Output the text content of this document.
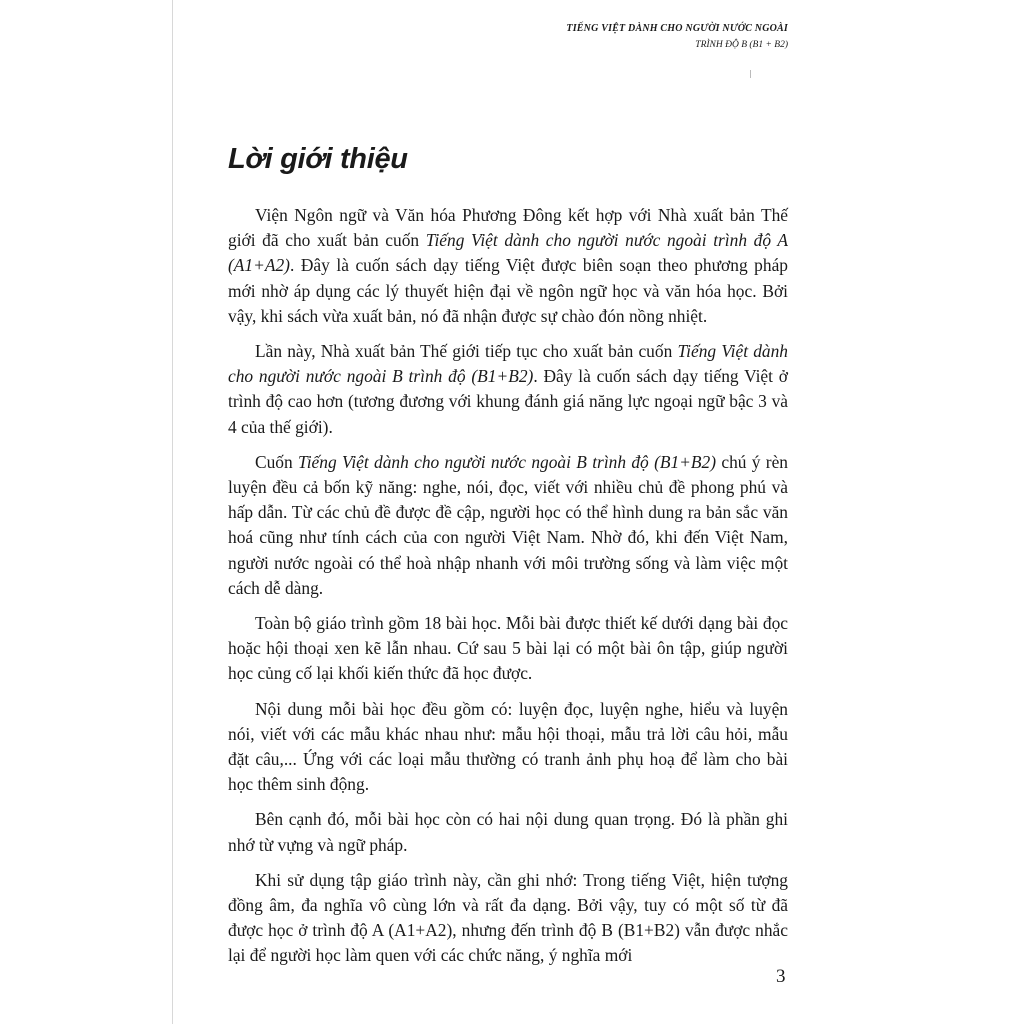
TIẾNG VIỆT DÀNH CHO NGƯỜI NƯỚC NGOÀI
TRÌNH ĐỘ B (B1 + B2)
Lời giới thiệu

Viện Ngôn ngữ và Văn hóa Phương Đông kết hợp với Nhà xuất bản Thế giới đã cho xuất bản cuốn Tiếng Việt dành cho người nước ngoài trình độ A (A1+A2). Đây là cuốn sách dạy tiếng Việt được biên soạn theo phương pháp mới nhờ áp dụng các lý thuyết hiện đại về ngôn ngữ học và văn hóa học. Bởi vậy, khi sách vừa xuất bản, nó đã nhận được sự chào đón nồng nhiệt.

Lần này, Nhà xuất bản Thế giới tiếp tục cho xuất bản cuốn Tiếng Việt dành cho người nước ngoài B trình độ (B1+B2). Đây là cuốn sách dạy tiếng Việt ở trình độ cao hơn (tương đương với khung đánh giá năng lực ngoại ngữ bậc 3 và 4 của thế giới).

Cuốn Tiếng Việt dành cho người nước ngoài B trình độ (B1+B2) chú ý rèn luyện đều cả bốn kỹ năng: nghe, nói, đọc, viết với nhiều chủ đề phong phú và hấp dẫn. Từ các chủ đề được đề cập, người học có thể hình dung ra bản sắc văn hoá cũng như tính cách của con người Việt Nam. Nhờ đó, khi đến Việt Nam, người nước ngoài có thể hoà nhập nhanh với môi trường sống và làm việc một cách dễ dàng.

Toàn bộ giáo trình gồm 18 bài học. Mỗi bài được thiết kế dưới dạng bài đọc hoặc hội thoại xen kẽ lẫn nhau. Cứ sau 5 bài lại có một bài ôn tập, giúp người học củng cố lại khối kiến thức đã học được.

Nội dung mỗi bài học đều gồm có: luyện đọc, luyện nghe, hiểu và luyện nói, viết với các mẫu khác nhau như: mẫu hội thoại, mẫu trả lời câu hỏi, mẫu đặt câu,... Ứng với các loại mẫu thường có tranh ảnh phụ hoạ để làm cho bài học thêm sinh động.

Bên cạnh đó, mỗi bài học còn có hai nội dung quan trọng. Đó là phần ghi nhớ từ vựng và ngữ pháp.

Khi sử dụng tập giáo trình này, cần ghi nhớ: Trong tiếng Việt, hiện tượng đồng âm, đa nghĩa vô cùng lớn và rất đa dạng. Bởi vậy, tuy có một số từ đã được học ở trình độ A (A1+A2), nhưng đến trình độ B (B1+B2) vẫn được nhắc lại để người học làm quen với các chức năng, ý nghĩa mới

3
